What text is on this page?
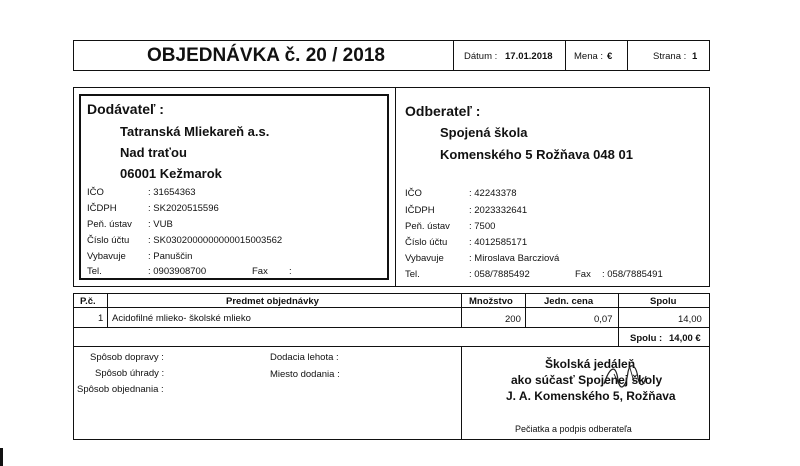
OBJEDNÁVKA č. 20 / 2018	Dátum : 17.01.2018 Mena : €	Strana : 1
Dodávateľ :
Tatranská Mliekareň a.s.
Nad traťou
06001 Kežmarok
IČO	: 31654363
IČDPH	: SK2020515596
Peň. ústav : VUB
Číslo účtu : SK0302000000000015003562
Vybavuje : Panuščin
Tel.	: 0903908700	Fax :
Odberateľ :
Spojená škola
Komenského 5 Rožňava 048 01
IČO	: 42243378
IČDPH	: 2023332641
Peň. ústav : 7500
Číslo účtu : 4012585171
Vybavuje	: Miroslava Barcziová
Tel.	: 058/7885492	Fax : 058/7885491
P.č.	Predmet objednávky	Množstvo	Jedn. cena	Spolu
1 Acidofilné mlieko- školské mlieko	200	0,07	14,00
Spolu : 14,00 €
Spôsob dopravy :
Spôsob úhrady :
Spôsob objednania :
Dodacia lehota :
Miesto dodania :
Školská jedáleň
ako súčasť Spojenej školy
J. A. Komenského 5, Rožňava
Pečiatka a podpis odberateľa
